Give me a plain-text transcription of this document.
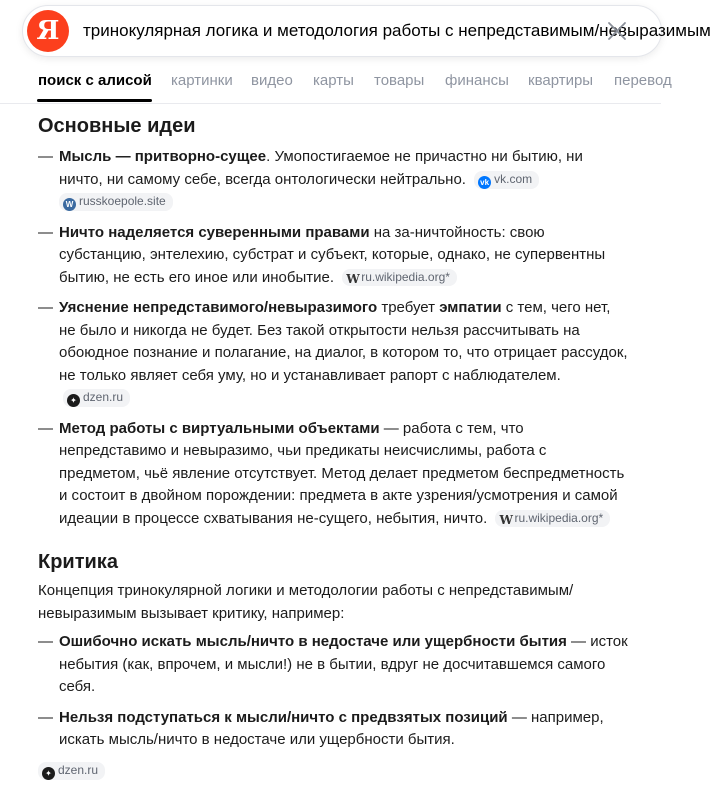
Я	тринокулярная логика и методология работы с непредставимым/невыразимым
поиск с алисой картинки видео карты товары финансы квартиры перевод
Основные идеи
— Мысль — притворно-сущее. Умопостигаемое не причастно ни бытию, ни ничто, ни самому себе, всегда онтологически нейтрально. vk vk.com W russkoepole.site
— Ничто наделяется суверенными правами на за-ничтойность: свою субстанцию, энтелехию, субстрат и субъект, которые, однако, не супервентны бытию, не есть его иное или инобытие. W ru.wikipedia.org*
— Уяснение непредставимого/невыразимого требует эмпатии с тем, чего нет, не было и никогда не будет. Без такой открытости нельзя рассчитывать на обоюдное познание и полагание, на диалог, в котором то, что отрицает рассудок, не только являет себя уму, но и устанавливает рапорт с наблюдателем. ✦ dzen.ru
— Метод работы с виртуальными объектами — работа с тем, что непредставимо и невыразимо, чьи предикаты неисчислимы, работа с предметом, чьё явление отсутствует. Метод делает предметом беспредметность и состоит в двойном порождении: предмета в акте узрения/усмотрения и самой идеации в процессе схватывания не-сущего, небытия, ничто. W ru.wikipedia.org*
Критика

Концепция тринокулярной логики и методологии работы с непредставимым/невыразимым вызывает критику, например:

— Ошибочно искать мысль/ничто в недостаче или ущербности бытия — исток небытия (как, впрочем, и мысли!) не в бытии, вдруг не досчитавшемся самого себя.
— Нельзя подступаться к мысли/ничто с предвзятых позиций — например, искать мысль/ничто в недостаче или ущербности бытия.
✦ dzen.ru
